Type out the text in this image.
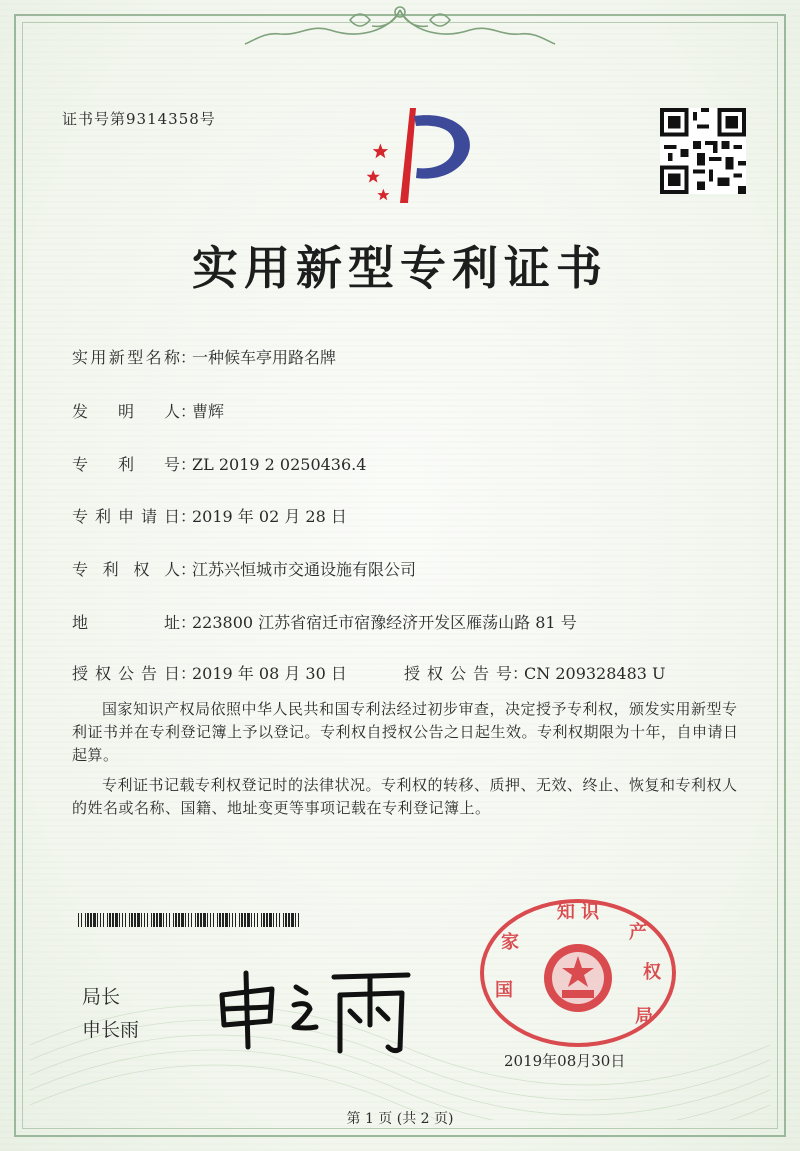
证书号第9314358号
实用新型专利证书
实用新型名称：一种候车亭用路名牌
发明人：曹辉
专利号：ZL 2019 2 0250436.4
专利申请日：2019 年 02 月 28 日
专利权人：江苏兴恒城市交通设施有限公司
地址：223800 江苏省宿迁市宿豫经济开发区雁荡山路 81 号
授权公告日：2019 年 08 月 30 日	授权公告号：CN 209328483 U
国家知识产权局依照中华人民共和国专利法经过初步审查，决定授予专利权，颁发实用新型专利证书并在专利登记簿上予以登记。专利权自授权公告之日起生效。专利权期限为十年，自申请日起算。
专利证书记载专利权登记时的法律状况。专利权的转移、质押、无效、终止、恢复和专利权人的姓名或名称、国籍、地址变更等事项记载在专利登记簿上。
局长
申长雨
知 识
家
国
产
权
局
2019年08月30日
第 1 页 (共 2 页)
